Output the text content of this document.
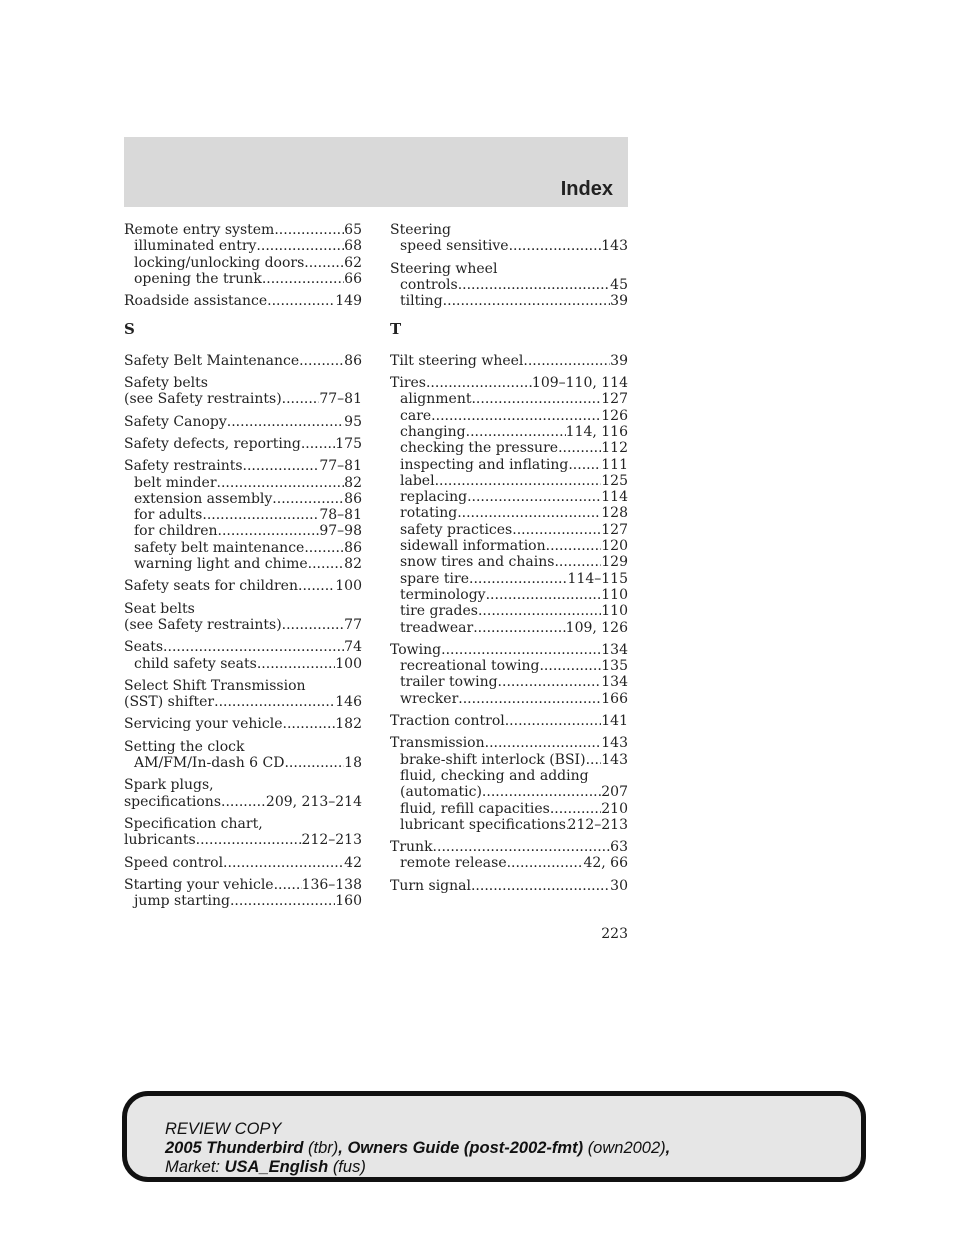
Index
Remote entry system .....	65
illuminated entry .....	68
locking/unlocking doors .....	62
opening the trunk .....	66
Roadside assistance .....	149
S
Safety Belt Maintenance .....	86
Safety belts
(see Safety restraints) .....	77–81
Safety Canopy .....	95
Safety defects, reporting ..... 175
Safety restraints .....	77–81
belt minder .....	82
extension assembly .....	86
for adults .....	78–81
for children .....	97–98
safety belt maintenance .....	86
warning light and chime .....	82
Safety seats for children .....	100
Seat belts
(see Safety restraints) .....	77
Seats .....	74
child safety seats .....	100
Select Shift Transmission
(SST) shifter .....	146
Servicing your vehicle .....	182
Setting the clock
AM/FM/In-dash 6 CD .....	18
Spark plugs,
specifications .....	209, 213–214
Specification chart,
lubricants .....	212–213
Speed control .....	42
Starting your vehicle ..... 136–138
jump starting .....	160
Steering
speed sensitive .....	143
Steering wheel
controls .....	45
tilting .....	39
T
Tilt steering wheel .....	39
Tires .....	109–110, 114
alignment .....	127
care .....	126
changing .....	114, 116
checking the pressure .....	112
inspecting and inflating ..... 111
label .....	125
replacing .....	114
rotating .....	128
safety practices .....	127
sidewall information .....	120
snow tires and chains .....	129
spare tire .....	114–115
terminology .....	110
tire grades .....	110
treadwear .....	109, 126
Towing .....	134
recreational towing .....	135
trailer towing .....	134
wrecker .....	166
Traction control .....	141
Transmission .....	143
brake-shift interlock (BSI) ..... 143
fluid, checking and adding
(automatic) .....	207
fluid, refill capacities .....	210
lubricant specifications ..... 212–213
Trunk .....	63
remote release .....	42, 66
Turn signal .....	30
223
REVIEW COPY
2005 Thunderbird (tbr), Owners Guide (post-2002-fmt) (own2002),
Market: USA_English (fus)
